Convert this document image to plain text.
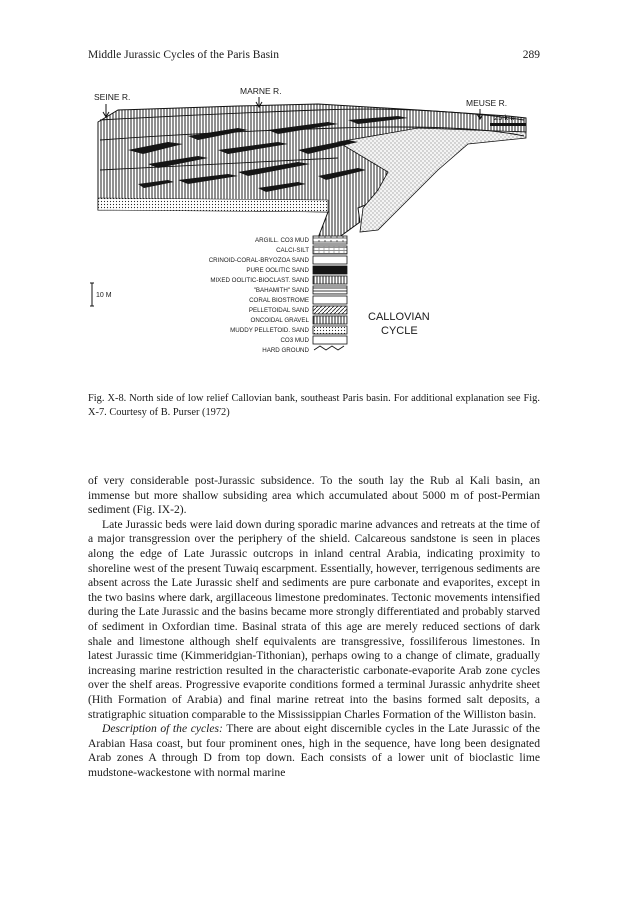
Middle Jurassic Cycles of the Paris Basin	289
SEINE R.
MARNE R.
MEUSE R.
25 km
10 M
ARGILL. CO3 MUD
CALCI-SILT
CRINOID-CORAL-BRYOZOA SAND
PURE OOLITIC SAND
MIXED OOLITIC-BIOCLAST. SAND
"BAHAMITH" SAND
CORAL BIOSTROME
PELLETOIDAL SAND
ONCOIDAL GRAVEL
MUDDY PELLETOID. SAND
CO3 MUD
HARD GROUND
CALLOVIAN
CYCLE
Fig. X-8. North side of low relief Callovian bank, southeast Paris basin. For additional explanation see Fig. X-7. Courtesy of B. Purser (1972)

of very considerable post-Jurassic subsidence. To the south lay the Rub al Kali basin, an immense but more shallow subsiding area which accumulated about 5000 m of post-Permian sediment (Fig. IX-2).

Late Jurassic beds were laid down during sporadic marine advances and retreats at the time of a major transgression over the periphery of the shield. Calcareous sandstone is seen in places along the edge of Late Jurassic outcrops in inland central Arabia, indicating proximity to shoreline west of the present Tuwaiq escarpment. Essentially, however, terrigenous sediments are absent across the Late Jurassic shelf and sediments are pure carbonate and evaporites, except in the two basins where dark, argillaceous limestone predominates. Tectonic movements intensified during the Late Jurassic and the basins became more strongly differentiated and probably starved of sediment in Oxfordian time. Basinal strata of this age are merely reduced sections of dark shale and limestone although shelf equivalents are transgressive, fossiliferous limestones. In latest Jurassic time (Kimmeridgian-Tithonian), perhaps owing to a change of climate, gradually increasing marine restriction resulted in the characteristic carbonate-evaporite Arab zone cycles over the shelf areas. Progressive evaporite conditions formed a terminal Jurassic anhydrite sheet (Hith Formation of Arabia) and final marine retreat into the basins formed salt deposits, a stratigraphic situation comparable to the Mississippian Charles Formation of the Williston basin.

Description of the cycles: There are about eight discernible cycles in the Late Jurassic of the Arabian Hasa coast, but four prominent ones, high in the sequence, have long been designated Arab zones A through D from top down. Each consists of a lower unit of bioclastic lime mudstone-wackestone with normal marine
